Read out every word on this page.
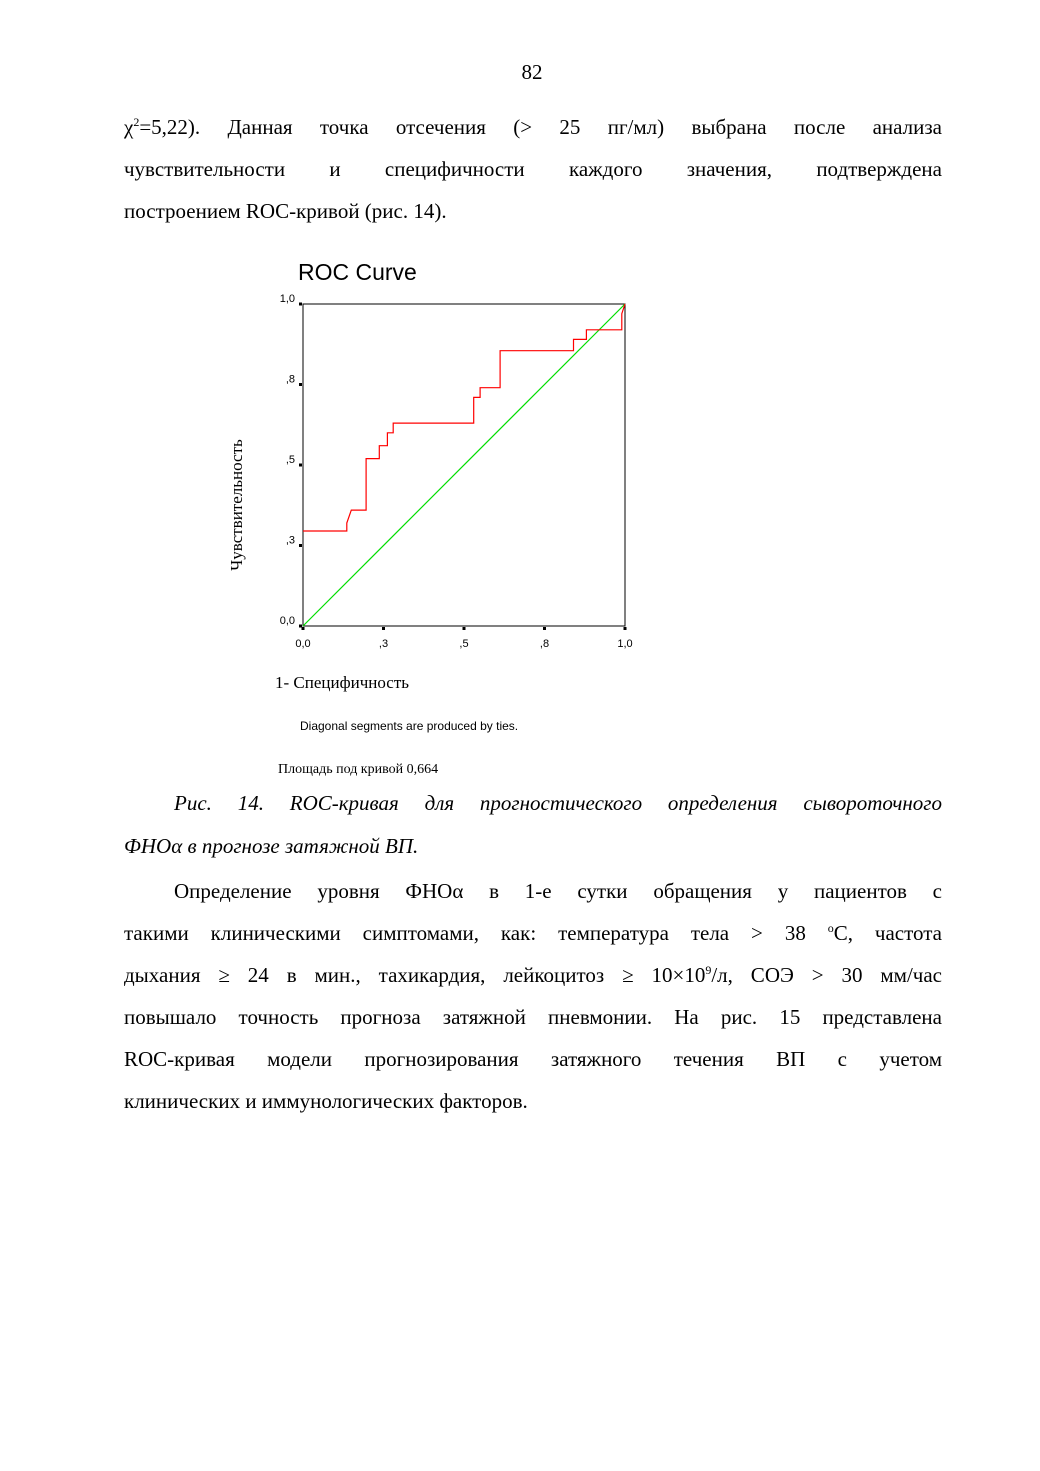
82
$\chi^2=5,22$). Данная точка отсечения (> 25 пг/мл) выбрана после анализа
чувствительности и специфичности каждого значения, подтверждена
построением ROC-кривой (рис. 14).
ROC Curve
0,0
,3
,5
,8
1,0
0,0	,3	,5	,8	1,0
Чувствительность
1- Специфичность
Diagonal segments are produced by ties.
Площадь под кривой 0,664
Рис. 14. ROC-кривая для прогностического определения сывороточного
ФНОα в прогнозе затяжной ВП.
Определение уровня ФНОα в 1-е сутки обращения у пациентов с
такими клиническими симптомами, как: температура тела > 38 $^о$С, частота
дыхания ≥ 24 в мин., тахикардия, лейкоцитоз ≥ $10\times 10^9/л$, СОЭ > 30 мм/час
повышало точность прогноза затяжной пневмонии. На рис. 15 представлена
ROC-кривая модели прогнозирования затяжного течения ВП с учетом
клинических и иммунологических факторов.
